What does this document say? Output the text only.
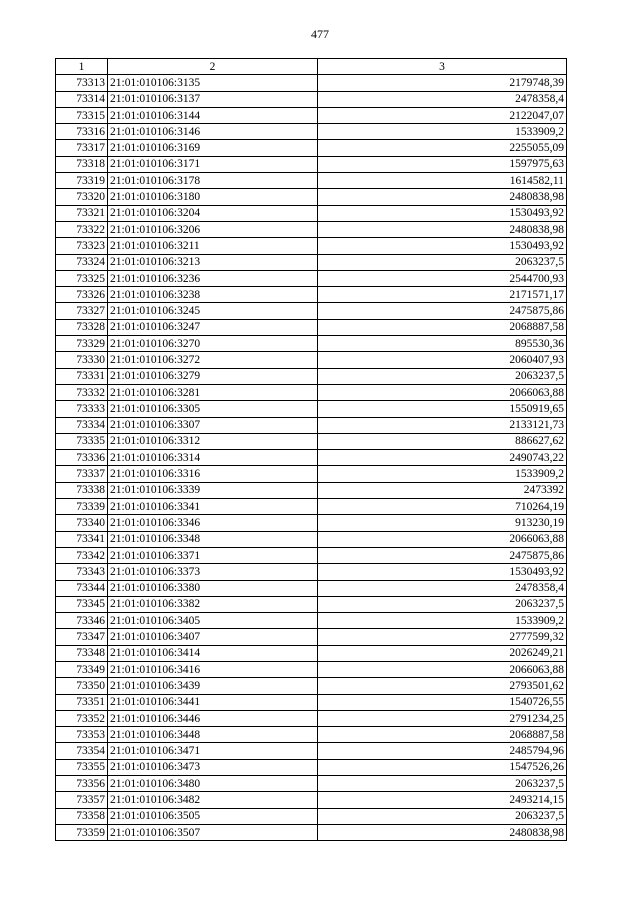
477
1	2	3
73313	21:01:010106:3135	2179748,39
73314	21:01:010106:3137	2478358,4
73315	21:01:010106:3144	2122047,07
73316	21:01:010106:3146	1533909,2
73317	21:01:010106:3169	2255055,09
73318	21:01:010106:3171	1597975,63
73319	21:01:010106:3178	1614582,11
73320	21:01:010106:3180	2480838,98
73321	21:01:010106:3204	1530493,92
73322	21:01:010106:3206	2480838,98
73323	21:01:010106:3211	1530493,92
73324	21:01:010106:3213	2063237,5
73325	21:01:010106:3236	2544700,93
73326	21:01:010106:3238	2171571,17
73327	21:01:010106:3245	2475875,86
73328	21:01:010106:3247	2068887,58
73329	21:01:010106:3270	895530,36
73330	21:01:010106:3272	2060407,93
73331	21:01:010106:3279	2063237,5
73332	21:01:010106:3281	2066063,88
73333	21:01:010106:3305	1550919,65
73334	21:01:010106:3307	2133121,73
73335	21:01:010106:3312	886627,62
73336	21:01:010106:3314	2490743,22
73337	21:01:010106:3316	1533909,2
73338	21:01:010106:3339	2473392
73339	21:01:010106:3341	710264,19
73340	21:01:010106:3346	913230,19
73341	21:01:010106:3348	2066063,88
73342	21:01:010106:3371	2475875,86
73343	21:01:010106:3373	1530493,92
73344	21:01:010106:3380	2478358,4
73345	21:01:010106:3382	2063237,5
73346	21:01:010106:3405	1533909,2
73347	21:01:010106:3407	2777599,32
73348	21:01:010106:3414	2026249,21
73349	21:01:010106:3416	2066063,88
73350	21:01:010106:3439	2793501,62
73351	21:01:010106:3441	1540726,55
73352	21:01:010106:3446	2791234,25
73353	21:01:010106:3448	2068887,58
73354	21:01:010106:3471	2485794,96
73355	21:01:010106:3473	1547526,26
73356	21:01:010106:3480	2063237,5
73357	21:01:010106:3482	2493214,15
73358	21:01:010106:3505	2063237,5
73359	21:01:010106:3507	2480838,98
